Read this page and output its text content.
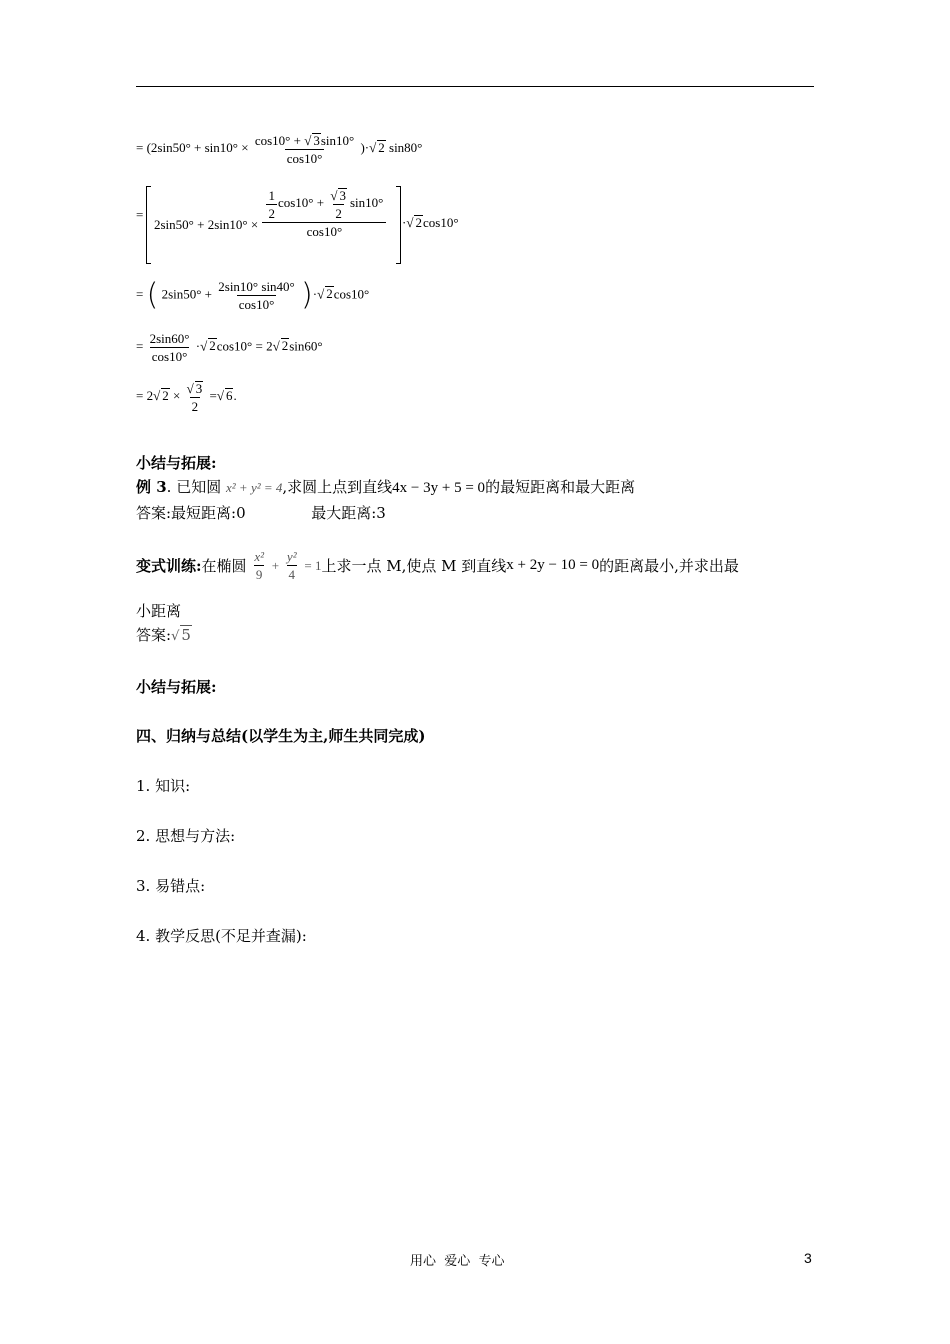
= ($2\sin 50^\circ + \sin 10^\circ \times \frac{\cos 10^\circ + √ 3\sin 10^\circ}{\cos 10^\circ}$ )·√ 2 sin80°
=
$2\sin 50^\circ + 2\sin 10^\circ \times \frac{\frac{1}{2} \cos 10^\circ + \frac{√ 3}{2} \sin 10^\circ}{\cos 10^\circ}$ ·√ 2cos10°
= ( $2\sin 50^\circ + \frac{2\sin 10^\circ \sin 40^\circ}{\cos 10^\circ}$ )·√ 2cos10°
= $\frac{2\sin 60^\circ}{\cos 10^\circ}$ ·√ 2cos10° = 2√ 2sin60°
= 2√ $2 \times \frac{√ 3}{2}$ =√ 6.
小结与拓展:
例 3. 已知圆 x² + y² = 4,求圆上点到直线4x − 3y + 5 = 0的最短距离和最大距离
答案:最短距离:0	最大距离:3
变式训练:在椭圆 $\frac{\text{x²}}{9} + \frac{\text{y²}}{4} = 1$上求一点 M,使点 M 到直线x + 2y − 10 = 0的距离最小,并求出最
小距离
答案:√ 5
小结与拓展:
四、归纳与总结(以学生为主,师生共同完成)
1. 知识:
2. 思想与方法:
3. 易错点:
4. 教学反思(不足并查漏):
用心  爱心  专心	3
